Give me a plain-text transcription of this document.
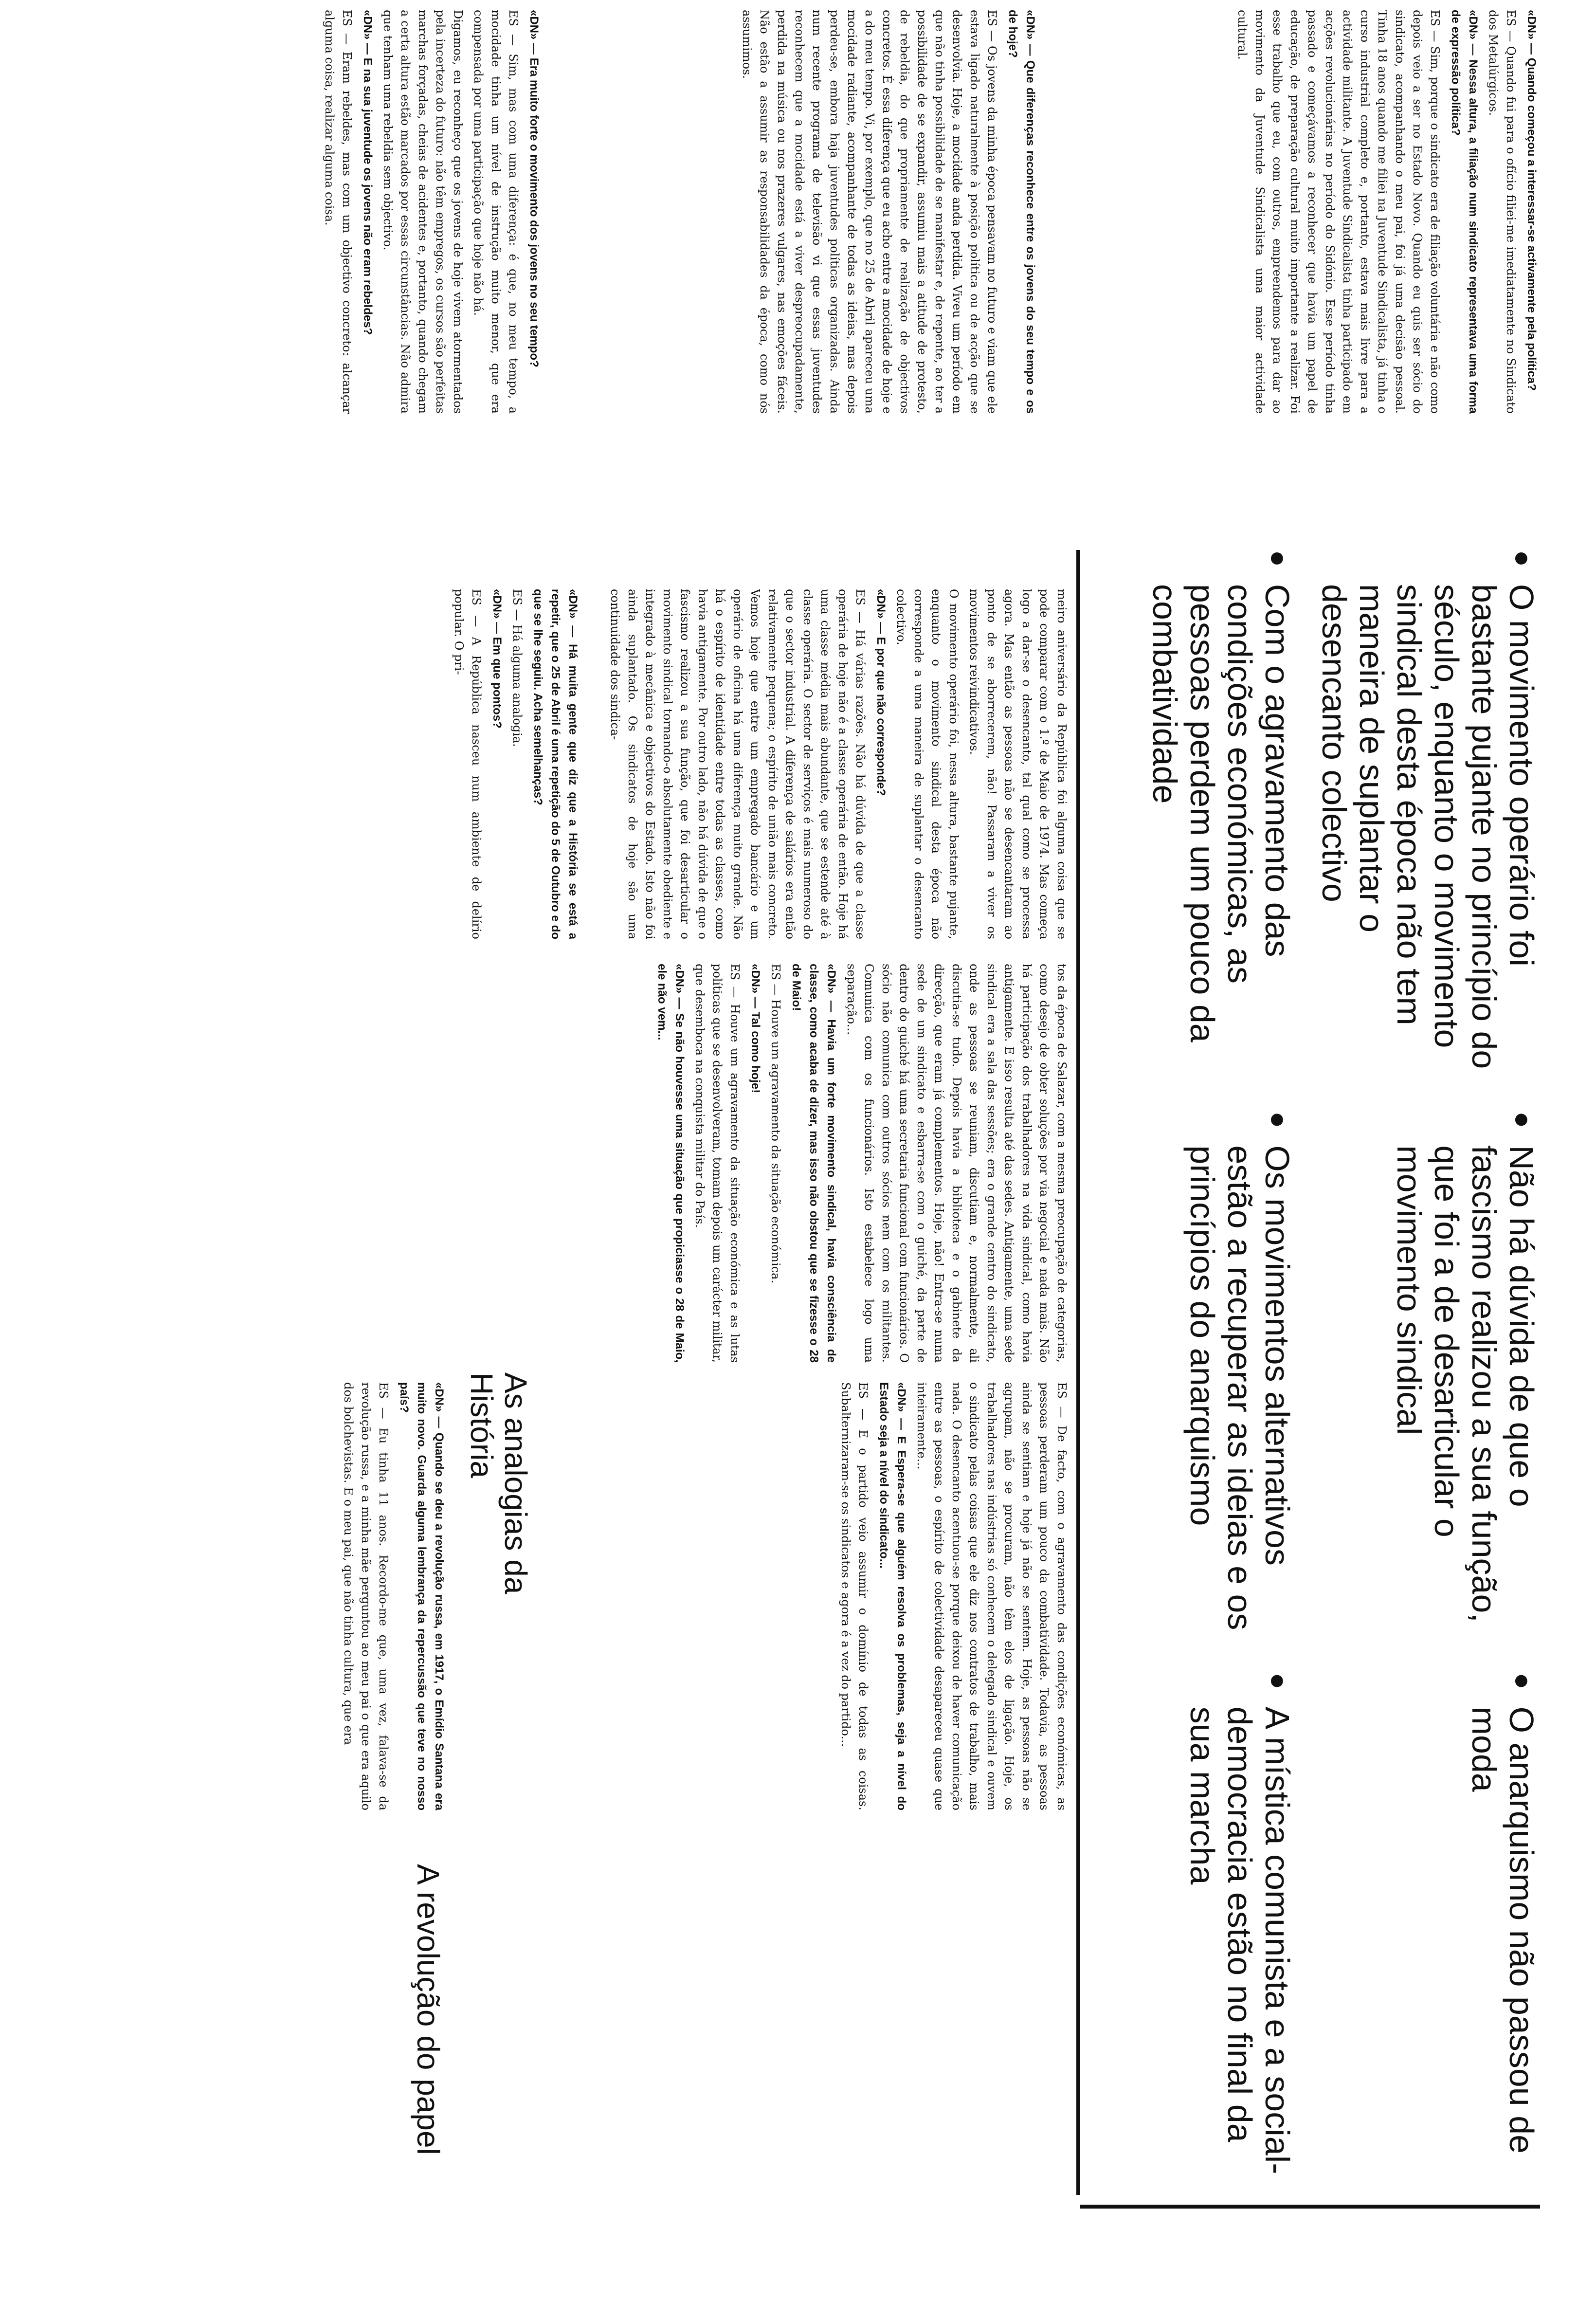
● O movimento operário foi bastante pujante no princípio do século, enquanto o movimento sindical desta época não tem maneira de suplantar o desencanto colectivo
● Não há dúvida de que o fascismo realizou a sua função, que foi a de desarticular o movimento sindical
● O anarquismo não passou de moda
● Com o agravamento das condições económicas, as pessoas perdem um pouco da combatividade
● Os movimentos alternativos estão a recuperar as ideias e os princípios do anarquismo
● A mística comunista e a social-democracia estão no final da sua marcha

«DN» — Quando começou a interessar-se activamente pela política?

ES — Quando fui para o ofício filiei-me imediatamente no Sindicato dos Metalúrgicos.

«DN» — Nessa altura, a filiação num sindicato representava uma forma de expressão política?

ES — Sim, porque o sindicato era de filiação voluntária e não como depois veio a ser no Estado Novo. Quando eu quis ser sócio do sindicato, acompanhando o meu pai, foi já uma decisão pessoal. Tinha 18 anos quando me filiei na Juventude Sindicalista, já tinha o curso industrial completo e, portanto, estava mais livre para a actividade militante. A Juventude Sindicalista tinha participado em acções revolucionárias no período do Sidónio. Esse período tinha passado e começávamos a reconhecer que havia um papel de educação, de preparação cultural muito importante a realizar. Foi esse trabalho que eu, com outros, empreendemos para dar ao movimento da Juventude Sindicalista uma maior actividade cultural.

«DN» — Que diferenças reconhece entre os jovens do seu tempo e os de hoje?

ES — Os jovens da minha época pensavam no futuro e viam que ele estava ligado naturalmente à posição política ou de acção que se desenvolvia. Hoje, a mocidade anda perdida. Viveu um período em que não tinha possibilidade de se manifestar e, de repente, ao ter a possibilidade de se expandir, assumiu mais a atitude de protesto, de rebeldia, do que propriamente de realização de objectivos concretos. É essa diferença que eu acho entre a mocidade de hoje e a do meu tempo. Vi, por exemplo, que no 25 de Abril apareceu uma mocidade radiante, acompanhante de todas as ideias, mas depois perdeu-se, embora haja juventudes políticas organizadas. Ainda num recente programa de televisão vi que essas juventudes reconhecem que a mocidade está a viver despreocupadamente, perdida na música ou nos prazeres vulgares, nas emoções fáceis. Não estão a assumir as responsabilidades da época, como nós assumimos.

«DN» — Era muito forte o movimento dos jovens no seu tempo?

ES — Sim, mas com uma diferença: é que, no meu tempo, a mocidade tinha um nível de instrução muito menor, que era compensada por uma participação que hoje não há.

Digamos, eu reconheço que os jovens de hoje vivem atormentados pela incerteza do futuro: não têm empregos, os cursos são perfeitas marchas forçadas, cheias de acidentes e, portanto, quando chegam a certa altura estão marcados por essas circunstâncias. Não admira que tenham uma rebeldia sem objectivo.

«DN» — E na sua juventude os jovens não eram rebeldes?

ES — Eram rebeldes, mas com um objectivo concreto: alcançar alguma coisa, realizar alguma coisa.

meiro aniversário da República foi alguma coisa que se pode comparar com o 1.º de Maio de 1974. Mas começa logo a dar-se o desencanto, tal qual como se processa agora. Mas então as pessoas não se desencantaram ao ponto de se aborrecerem, não! Passaram a viver os movimentos reivindicativos.

O movimento operário foi, nessa altura, bastante pujante, enquanto o movimento sindical desta época não corresponde a uma maneira de suplantar o desencanto colectivo.

«DN» — E por que não corresponde?

ES — Há várias razões. Não há dúvida de que a classe operária de hoje não é a classe operária de então. Hoje há uma classe média mais abundante, que se estende até à classe operária. O sector de serviços é mais numeroso do que o sector industrial. A diferença de salários era então relativamente pequena; o espírito de união mais concreto. Vemos hoje que entre um empregado bancário e um operário de oficina há uma diferença muito grande. Não há o espírito de identidade entre todas as classes, como havia antigamente. Por outro lado, não há dúvida de que o fascismo realizou a sua função, que foi desarticular o movimento sindical tornando-o absolutamente obediente e integrado à mecânica e objectivos do Estado. Isto não foi ainda suplantado. Os sindicatos de hoje são uma continuidade dos sindica-

«DN» — Há muita gente que diz que a História se está a repetir, que o 25 de Abril é uma repetição do 5 de Outubro e do que se lhe seguiu. Acha semelhanças?

ES — Há alguma analogia.

«DN» — Em que pontos?

ES — A República nasceu num ambiente de delírio popular. O pri-

tos da época de Salazar, com a mesma preocupação de categorias, como desejo de obter soluções por via negocial e nada mais. Não há participação dos trabalhadores na vida sindical, como havia antigamente. E isso resulta até das sedes. Antigamente, uma sede sindical era a sala das sessões; era o grande centro do sindicato, onde as pessoas se reuniam, discutiam e, normalmente, ali discutia-se tudo. Depois havia a biblioteca e o gabinete da direcção, que eram já complementos. Hoje, não! Entra-se numa sede de um sindicato e esbarra-se com o guiché, da parte de dentro do guiché há uma secretaria funcional com funcionários. O sócio não comunica com outros sócios nem com os militantes. Comunica com os funcionários. Isto estabelece logo uma separação...

«DN» — Havia um forte movimento sindical, havia consciência de classe, como acaba de dizer, mas isso não obstou que se fizesse o 28 de Maio!

ES — Houve um agravamento da situação económica.

«DN» — Tal como hoje!

ES — Houve um agravamento da situação económica e as lutas políticas que se desenvolveram, tomam depois um carácter militar, que desemboca na conquista militar do País.

«DN» — Se não houvesse uma situação que propiciasse o 28 de Maio, ele não vem...

ES — De facto, com o agravamento das condições económicas, as pessoas perderam um pouco da combatividade. Todavia, as pessoas ainda se sentiam e hoje já não se sentem. Hoje, as pessoas não se agrupam, não se procuram, não têm elos de ligação. Hoje, os trabalhadores nas indústrias só conhecem o delegado sindical e ouvem o sindicato pelas coisas que ele diz nos contratos de trabalho, mais nada. O desencanto acentuou-se porque deixou de haver comunicação entre as pessoas, o espírito de colectividade desapareceu quase que inteiramente...

«DN» — E Espera-se que alguém resolva os problemas, seja a nível do Estado seja a nível do sindicato...

ES — E o partido veio assumir o domínio de todas as coisas. Subalternizaram-se os sindicatos e agora é a vez do partido...

«DN» — Quando se deu a revolução russa, em 1917, o Emídio Santana era muito novo. Guarda alguma lembrança da repercussão que teve no nosso país?

ES — Eu tinha 11 anos. Recordo-me que, uma vez, falava-se da revolução russa, e a minha mãe perguntou ao meu pai o que era aquilo dos bolchevistas. E o meu pai, que não tinha cultura, que era	As analogias da História
A revolução do papel
